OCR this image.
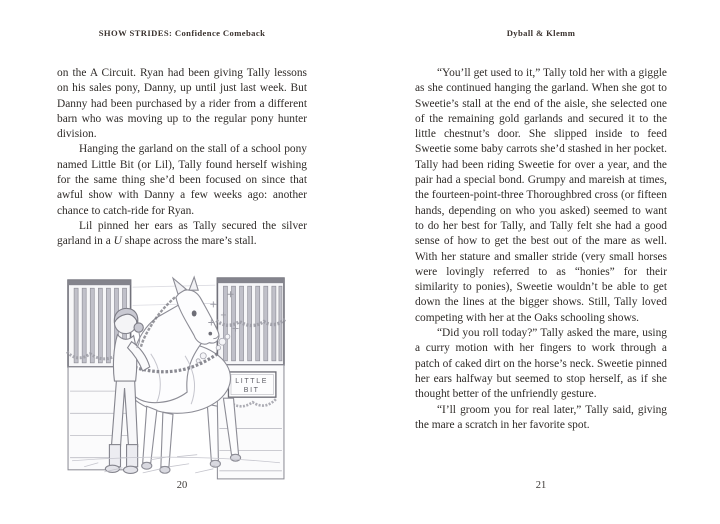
SHOW STRIDES: Confidence Comeback

on the A Circuit. Ryan had been giving Tally lessons on his sales pony, Danny, up until just last week. But Danny had been purchased by a rider from a different barn who was moving up to the regular pony hunter division.

Hanging the garland on the stall of a school pony named Little Bit (or Lil), Tally found herself wishing for the same thing she’d been focused on since that awful show with Danny a few weeks ago: another chance to catch-ride for Ryan.

Lil pinned her ears as Tally secured the silver garland in a U shape across the mare’s stall.

LITTLE
BIT
20
Dyball & Klemm

“You’ll get used to it,” Tally told her with a giggle as she continued hanging the garland. When she got to Sweetie’s stall at the end of the aisle, she selected one of the remaining gold garlands and secured it to the little chestnut’s door. She slipped inside to feed Sweetie some baby carrots she’d stashed in her pocket. Tally had been riding Sweetie for over a year, and the pair had a special bond. Grumpy and mareish at times, the fourteen-point-three Thoroughbred cross (or fifteen hands, depending on who you asked) seemed to want to do her best for Tally, and Tally felt she had a good sense of how to get the best out of the mare as well. With her stature and smaller stride (very small horses were lovingly referred to as “honies” for their similarity to ponies), Sweetie wouldn’t be able to get down the lines at the bigger shows. Still, Tally loved competing with her at the Oaks schooling shows.

“Did you roll today?” Tally asked the mare, using a curry motion with her fingers to work through a patch of caked dirt on the horse’s neck. Sweetie pinned her ears halfway but seemed to stop herself, as if she thought better of the unfriendly gesture.

“I’ll groom you for real later,” Tally said, giving the mare a scratch in her favorite spot.

21
